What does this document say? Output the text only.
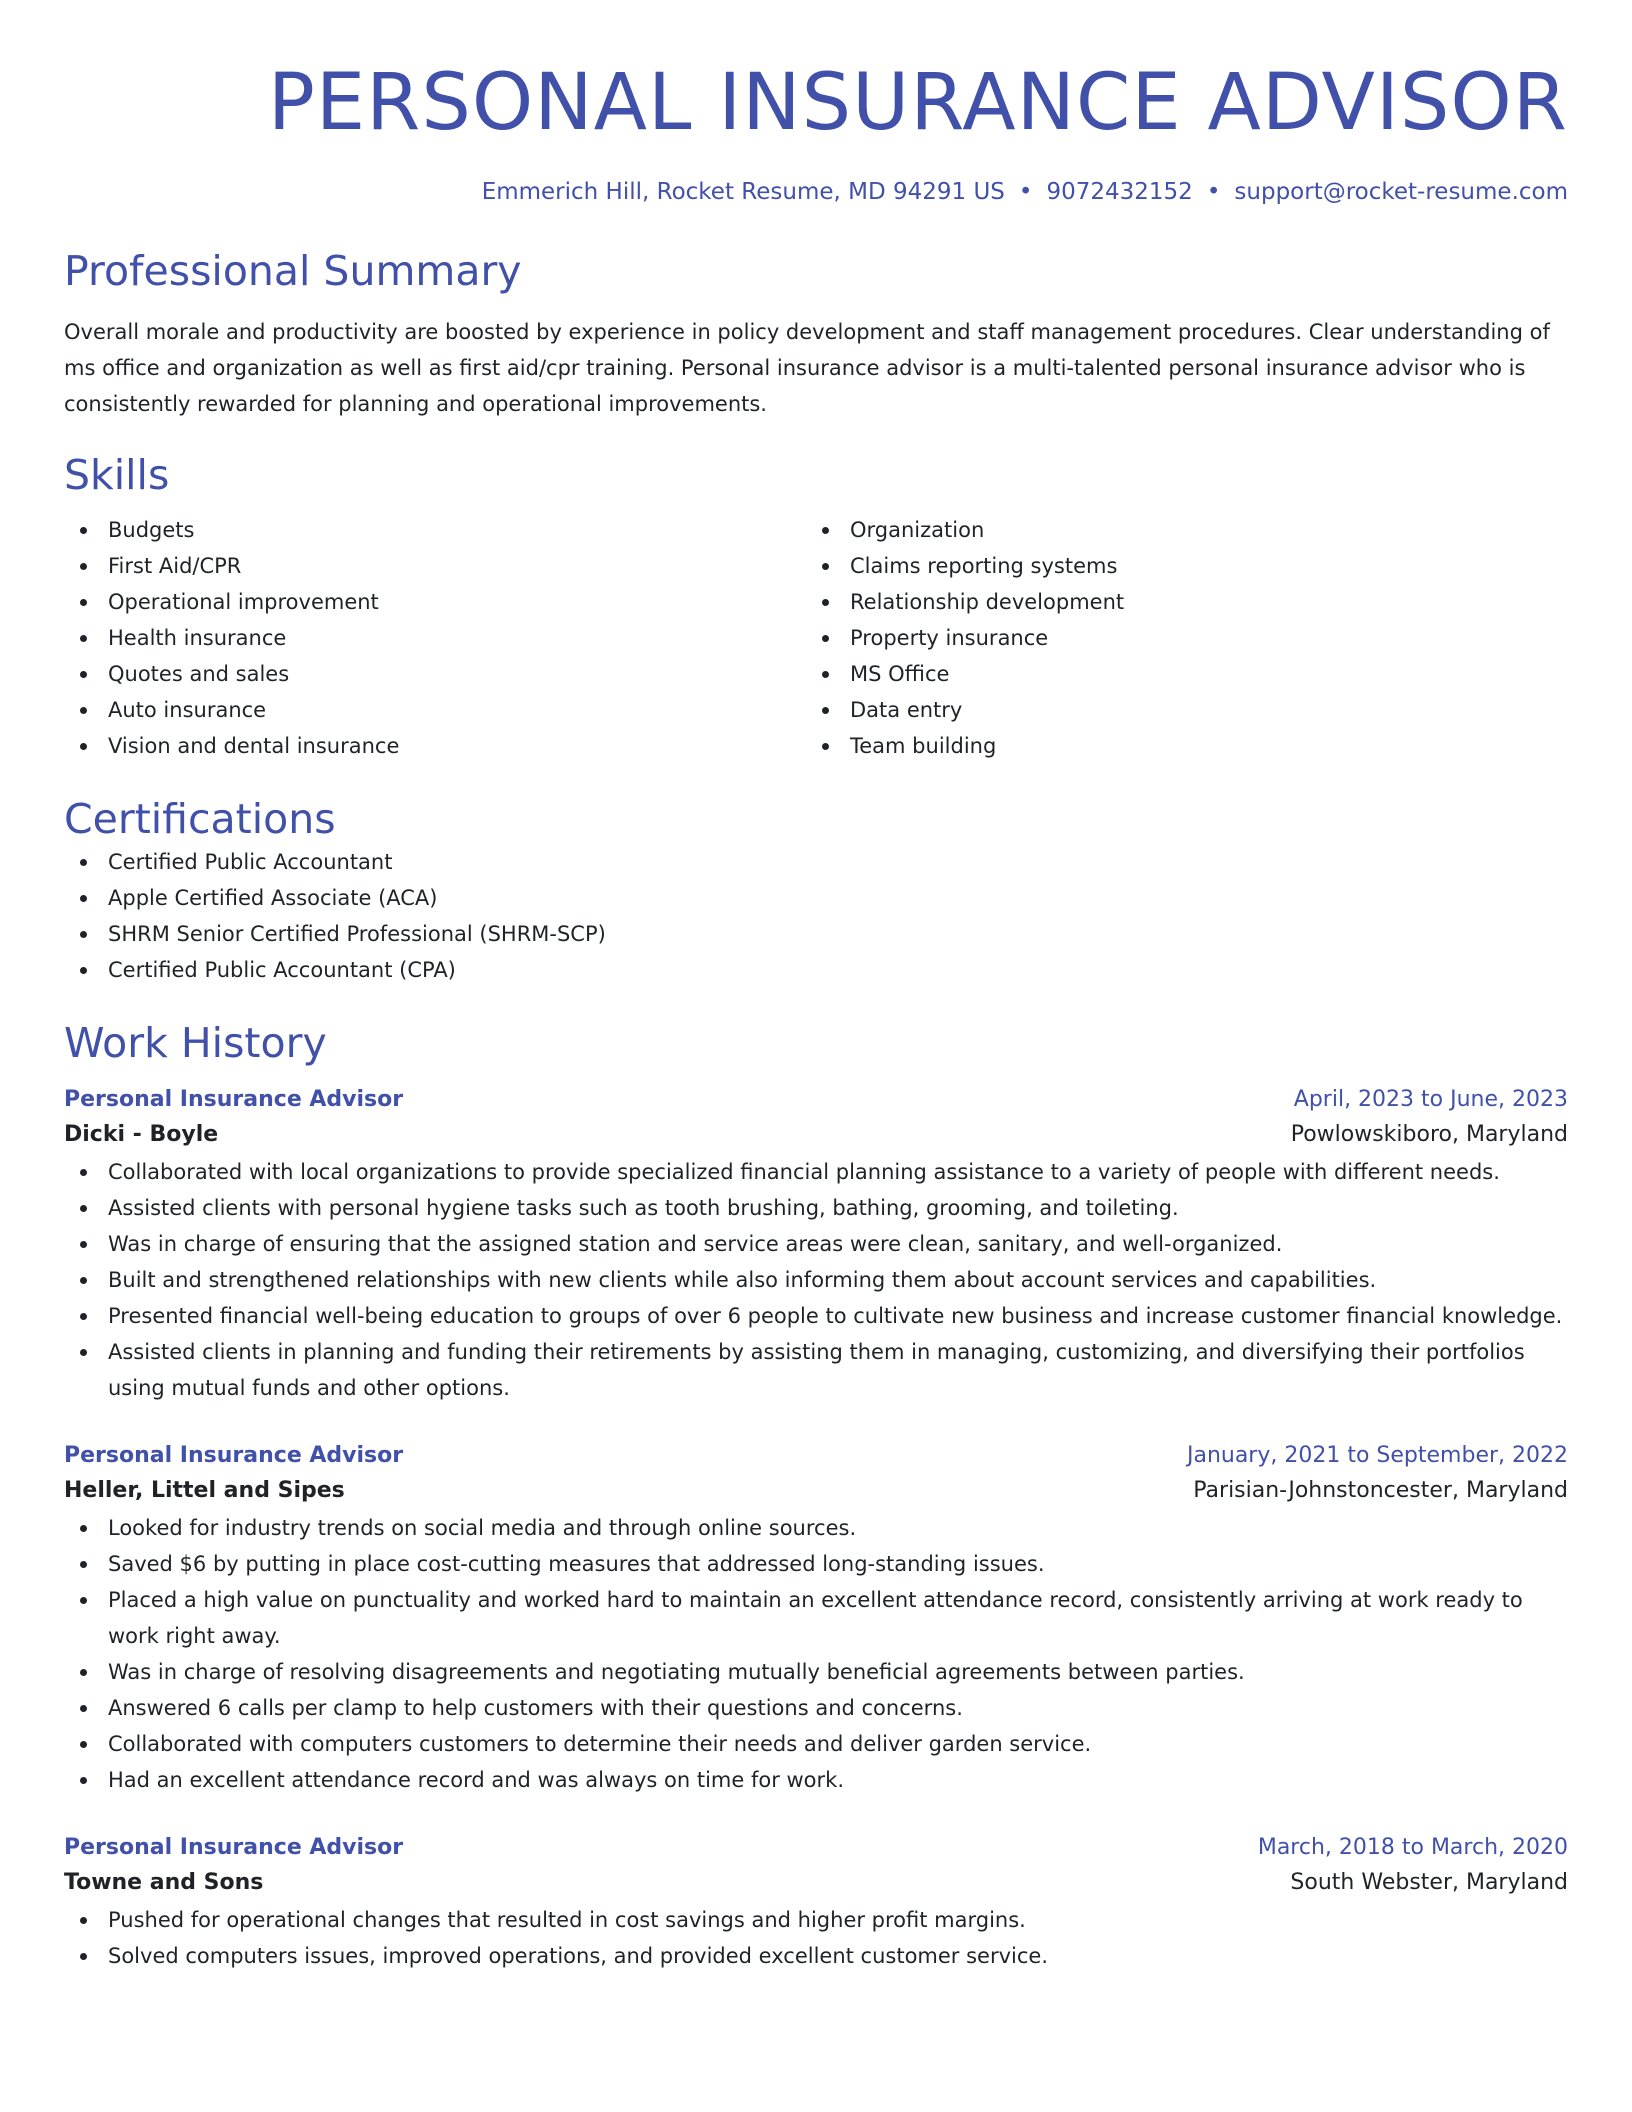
PERSONAL INSURANCE ADVISOR
Emmerich Hill, Rocket Resume, MD 94291 US • 9072432152 • support@rocket-resume.com
Professional Summary
Overall morale and productivity are boosted by experience in policy development and staff management procedures. Clear understanding of ms office and organization as well as first aid/cpr training. Personal insurance advisor is a multi-talented personal insurance advisor who is consistently rewarded for planning and operational improvements.
Skills
Budgets
First Aid/CPR
Operational improvement
Health insurance
Quotes and sales
Auto insurance
Vision and dental insurance
Organization
Claims reporting systems
Relationship development
Property insurance
MS Office
Data entry
Team building
Certifications
Certified Public Accountant
Apple Certified Associate (ACA)
SHRM Senior Certified Professional (SHRM-SCP)
Certified Public Accountant (CPA)
Work History
Personal Insurance Advisor	April, 2023 to June, 2023
Dicki - Boyle	Powlowskiboro, Maryland
Collaborated with local organizations to provide specialized financial planning assistance to a variety of people with different needs.
Assisted clients with personal hygiene tasks such as tooth brushing, bathing, grooming, and toileting.
Was in charge of ensuring that the assigned station and service areas were clean, sanitary, and well-organized.
Built and strengthened relationships with new clients while also informing them about account services and capabilities.
Presented financial well-being education to groups of over 6 people to cultivate new business and increase customer financial knowledge.
Assisted clients in planning and funding their retirements by assisting them in managing, customizing, and diversifying their portfolios using mutual funds and other options.
Personal Insurance Advisor	January, 2021 to September, 2022
Heller, Littel and Sipes	Parisian-Johnstoncester, Maryland
Looked for industry trends on social media and through online sources.
Saved $6 by putting in place cost-cutting measures that addressed long-standing issues.
Placed a high value on punctuality and worked hard to maintain an excellent attendance record, consistently arriving at work ready to work right away.
Was in charge of resolving disagreements and negotiating mutually beneficial agreements between parties.
Answered 6 calls per clamp to help customers with their questions and concerns.
Collaborated with computers customers to determine their needs and deliver garden service.
Had an excellent attendance record and was always on time for work.
Personal Insurance Advisor	March, 2018 to March, 2020
Towne and Sons	South Webster, Maryland
Pushed for operational changes that resulted in cost savings and higher profit margins.
Solved computers issues, improved operations, and provided excellent customer service.
